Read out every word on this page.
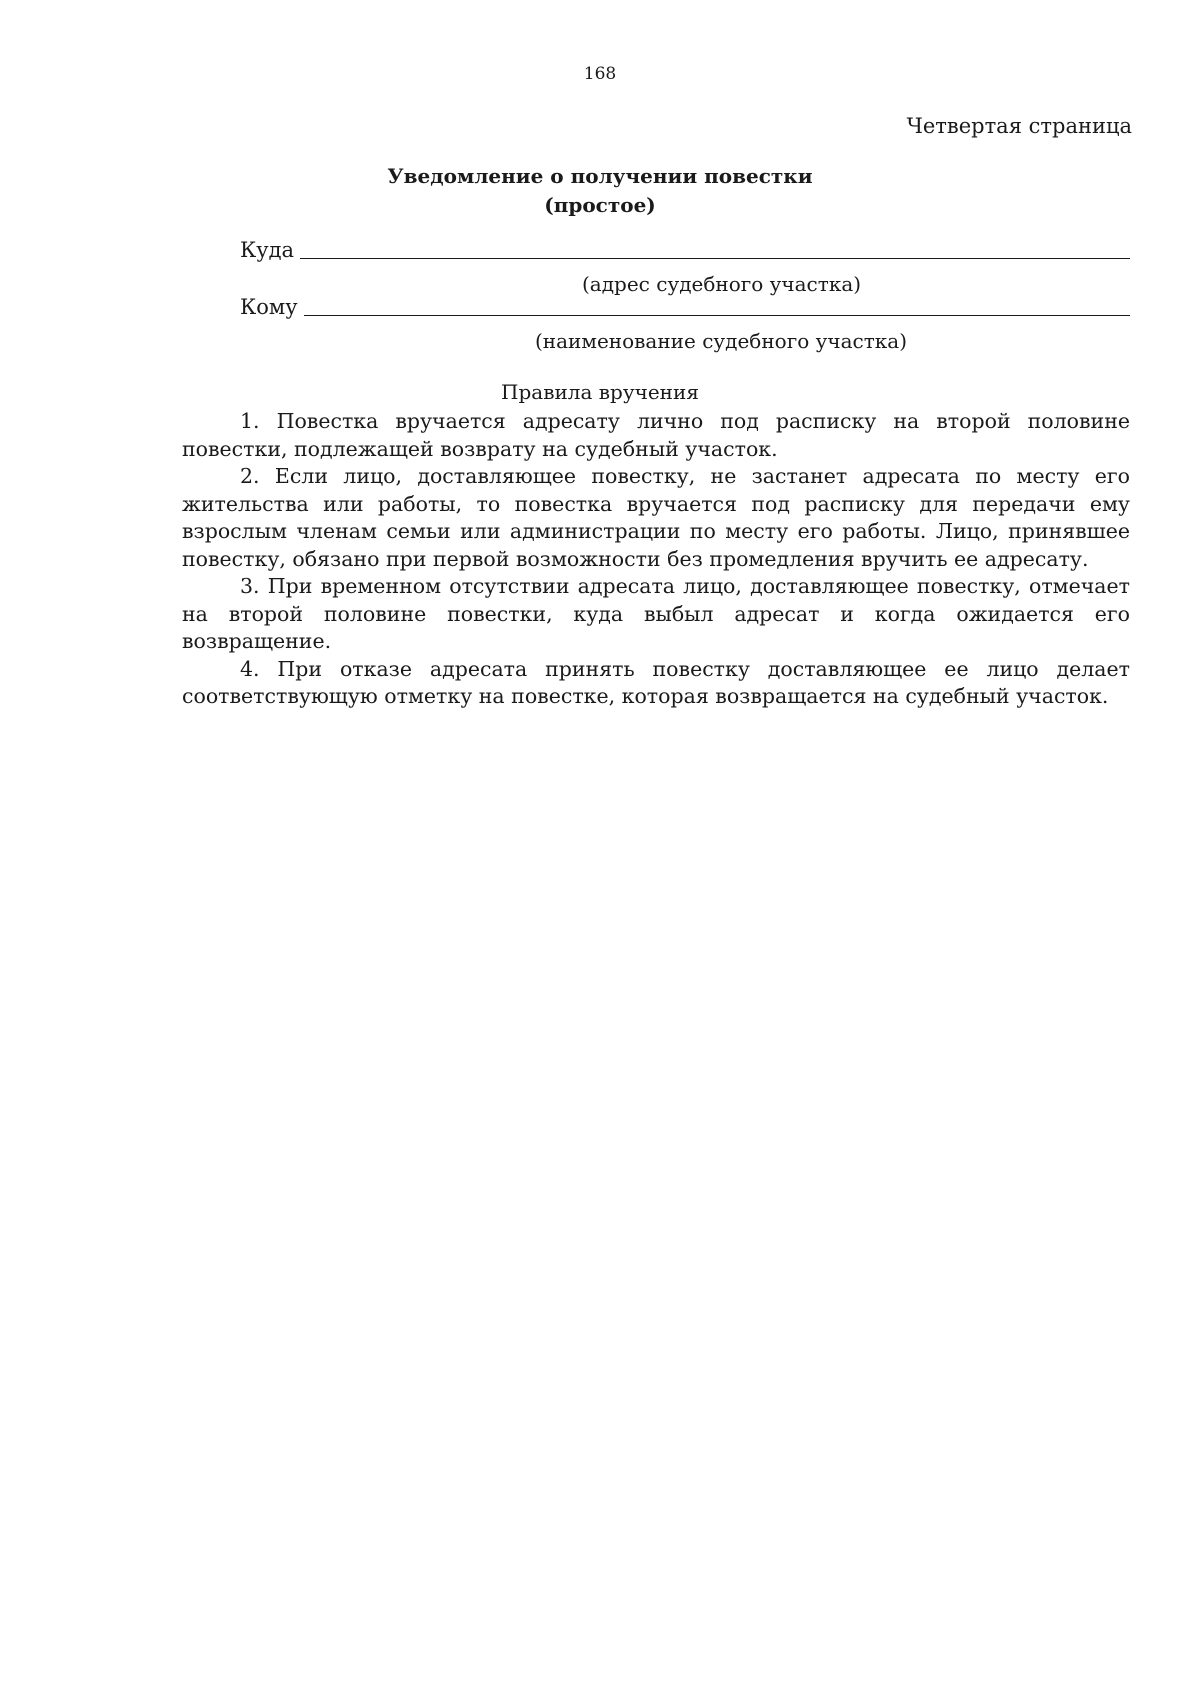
168
Четвертая страница
Уведомление о получении повестки
(простое)
Куда
(адрес судебного участка)
Кому
(наименование судебного участка)
Правила вручения

1. Повестка вручается адресату лично под расписку на второй половине повестки, подлежащей возврату на судебный участок.

2. Если лицо, доставляющее повестку, не застанет адресата по месту его жительства или работы, то повестка вручается под расписку для передачи ему взрослым членам семьи или администрации по месту его работы. Лицо, принявшее повестку, обязано при первой возможности без промедления вручить ее адресату.

3. При временном отсутствии адресата лицо, доставляющее повестку, отмечает на второй половине повестки, куда выбыл адресат и когда ожидается его возвращение.

4. При отказе адресата принять повестку доставляющее ее лицо делает соответствующую отметку на повестке, которая возвращается на судебный участок.
